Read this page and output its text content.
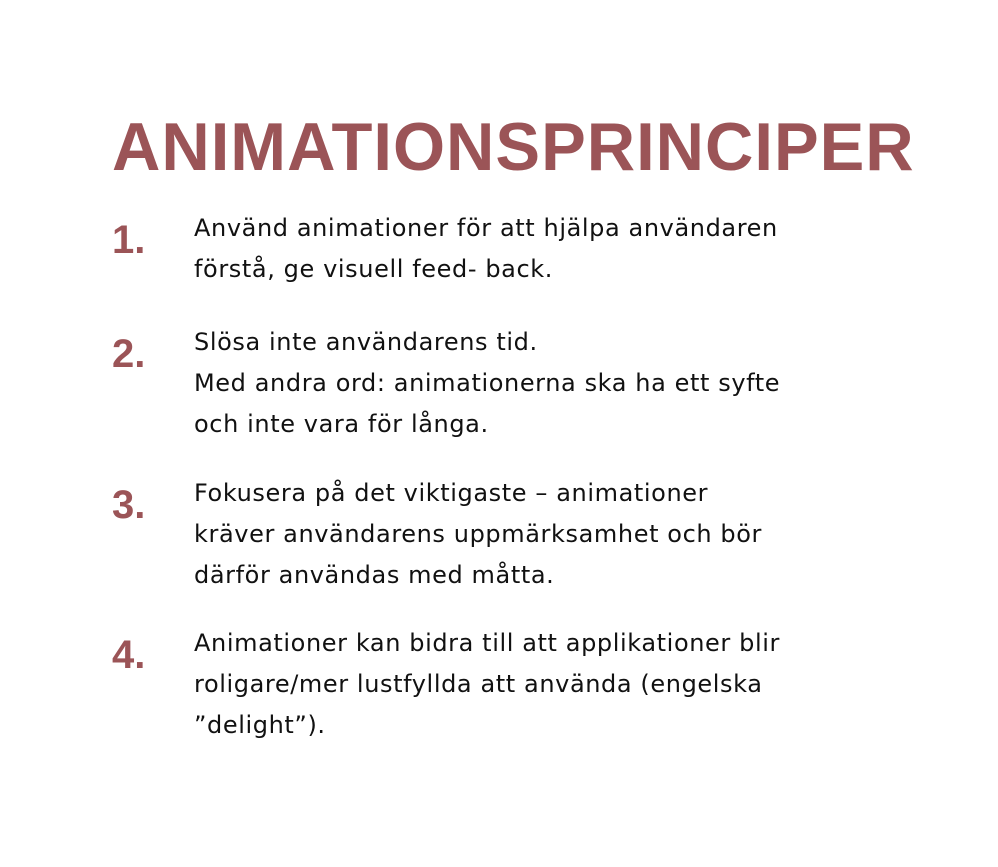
ANIMATIONSPRINCIPER
1. Använd animationer för att hjälpa användaren
förstå, ge visuell feed- back.
2. Slösa inte användarens tid.
Med andra ord: animationerna ska ha ett syfte
och inte vara för långa.
3. Fokusera på det viktigaste – animationer
kräver användarens uppmärksamhet och bör
därför användas med måtta.
4. Animationer kan bidra till att applikationer blir
roligare/mer lustfyllda att använda (engelska
”delight”).
